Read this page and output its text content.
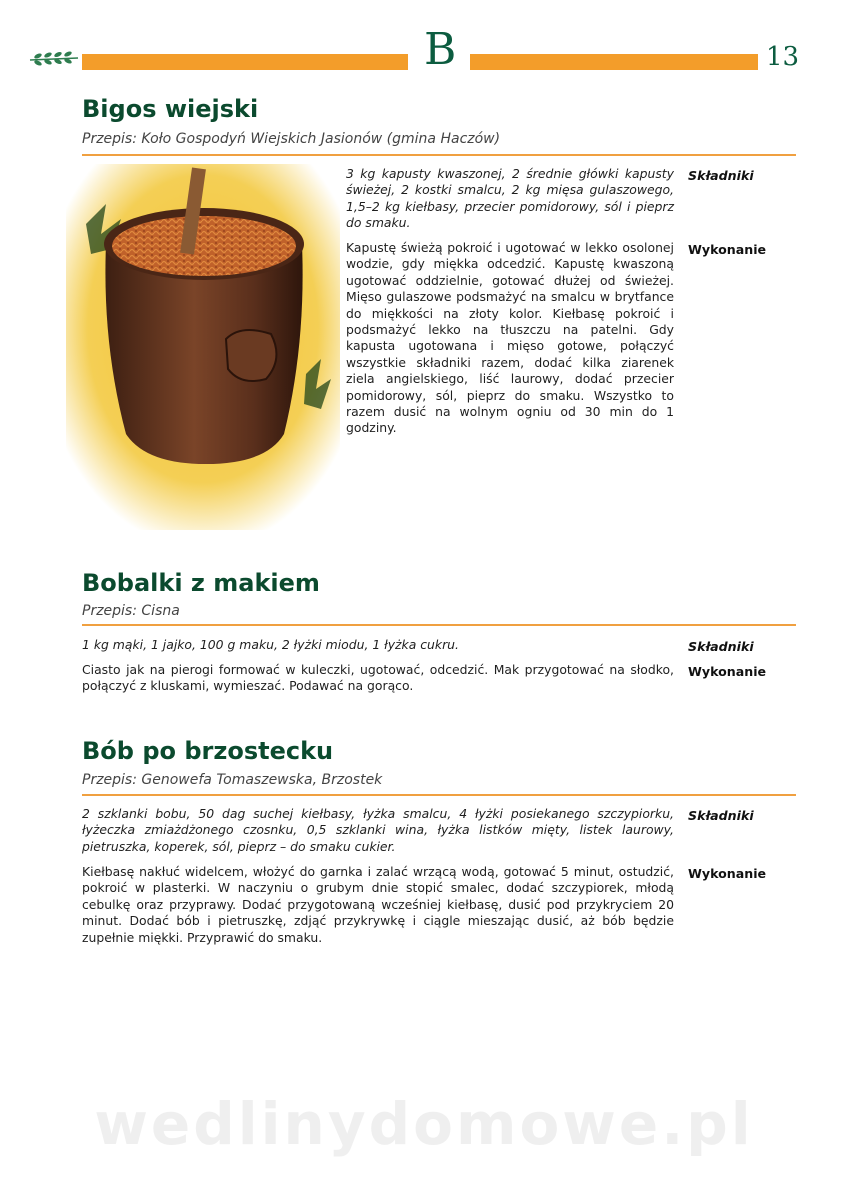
B	13
Bigos wiejski
Przepis: Koło Gospodyń Wiejskich Jasionów (gmina Haczów)

3 kg kapusty kwaszonej, 2 średnie główki kapusty świeżej, 2 kostki smalcu, 2 kg mięsa gulaszowego, 1,5–2 kg kiełbasy, przecier pomidorowy, sól i pieprz do smaku.

Składniki

Kapustę świeżą pokroić i ugotować w lekko osolonej wodzie, gdy miękka odcedzić. Kapustę kwaszoną ugotować oddzielnie, gotować dłużej od świeżej. Mięso gulaszowe podsmażyć na smalcu w brytfance do miękkości na złoty kolor. Kiełbasę pokroić i podsmażyć lekko na tłuszczu na patelni. Gdy kapusta ugotowana i mięso gotowe, połączyć wszystkie składniki razem, dodać kilka ziarenek ziela angielskiego, liść laurowy, dodać przecier pomidorowy, sól, pieprz do smaku. Wszystko to razem dusić na wolnym ogniu od 30 min do 1 godziny.

Wykonanie
Bobalki z makiem
Przepis: Cisna

1 kg mąki, 1 jajko, 100 g maku, 2 łyżki miodu, 1 łyżka cukru.	Składniki

Ciasto jak na pierogi formować w kuleczki, ugotować, odcedzić. Mak przygotować na słodko, połączyć z kluskami, wymieszać. Podawać na gorąco.

Wykonanie
Bób po brzostecku
Przepis: Genowefa Tomaszewska, Brzostek

2 szklanki bobu, 50 dag suchej kiełbasy, łyżka smalcu, 4 łyżki posiekanego szczypiorku, łyżeczka zmiażdżonego czosnku, 0,5 szklanki wina, łyżka listków mięty, listek laurowy, pietruszka, koperek, sól, pieprz – do smaku cukier.

Składniki

Kiełbasę nakłuć widelcem, włożyć do garnka i zalać wrzącą wodą, gotować 5 minut, ostudzić, pokroić w plasterki. W naczyniu o grubym dnie stopić smalec, dodać szczypiorek, młodą cebulkę oraz przyprawy. Dodać przygotowaną wcześniej kiełbasę, dusić pod przykryciem 20 minut. Dodać bób i pietruszkę, zdjąć przykrywkę i ciągle mieszając dusić, aż bób będzie zupełnie miękki. Przyprawić do smaku.

Wykonanie
wedlinydomowe.pl
